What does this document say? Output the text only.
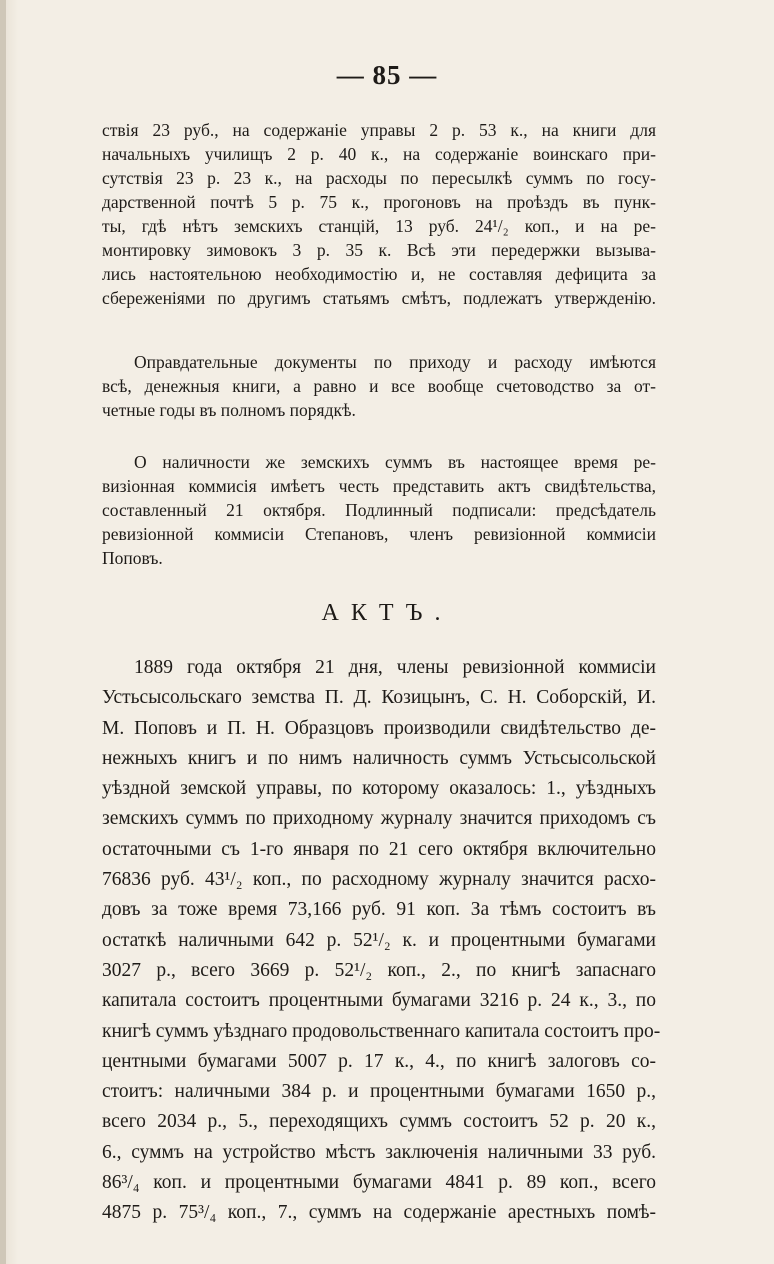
— 85 —

ствія 23 руб., на содержаніе управы 2 р. 53 к., на книги для
начальныхъ училищъ 2 р. 40 к., на содержаніе воинскаго при-
сутствія 23 р. 23 к., на расходы по пересылкѣ суммъ по госу-
дарственной почтѣ 5 р. 75 к., прогоновъ на проѣздъ въ пунк-
ты, гдѣ нѣтъ земскихъ станцій, 13 руб. 24¹/₂ коп., и на ре-
монтировку зимовокъ 3 р. 35 к. Всѣ эти передержки вызыва-
лись настоятельною необходимостію и, не составляя дефицита за
сбереженіями по другимъ статьямъ смѣтъ, подлежатъ утвержденію.

Оправдательные документы по приходу и расходу имѣются
всѣ, денежныя книги, а равно и все вообще счетоводство за от-
четные годы въ полномъ порядкѣ.

О наличности же земскихъ суммъ въ настоящее время ре-
визіонная коммисія имѣетъ честь представить актъ свидѣтельства,
составленный 21 октября. Подлинный подписали: предсѣдатель
ревизіонной коммисіи Степановъ, членъ ревизіонной коммисіи
Поповъ.

АКТЪ.

1889 года октября 21 дня, члены ревизіонной коммисіи
Устьсысольскаго земства П. Д. Козицынъ, С. Н. Соборскій, И.
М. Поповъ и П. Н. Образцовъ производили свидѣтельство де-
нежныхъ книгъ и по нимъ наличность суммъ Устьсысольской
уѣздной земской управы, по которому оказалось: 1., уѣздныхъ
земскихъ суммъ по приходному журналу значится приходомъ съ
остаточными съ 1-го января по 21 сего октября включительно
76836 руб. 43¹/₂ коп., по расходному журналу значится расхо-
довъ за тоже время 73,166 руб. 91 коп. За тѣмъ состоитъ въ
остаткѣ наличными 642 р. 52¹/₂ к. и процентными бумагами
3027 р., всего 3669 р. 52¹/₂ коп., 2., по книгѣ запаснаго
капитала состоитъ процентными бумагами 3216 р. 24 к., 3., по
книгѣ суммъ уѣзднаго продовольственнаго капитала состоитъ про-
центными бумагами 5007 р. 17 к., 4., по книгѣ залоговъ со-
стоитъ: наличными 384 р. и процентными бумагами 1650 р.,
всего 2034 р., 5., переходящихъ суммъ состоитъ 52 р. 20 к.,
6., суммъ на устройство мѣстъ заключенія наличными 33 руб.
86³/₄ коп. и процентными бумагами 4841 р. 89 коп., всего
4875 р. 75³/₄ коп., 7., суммъ на содержаніе арестныхъ помѣ-
